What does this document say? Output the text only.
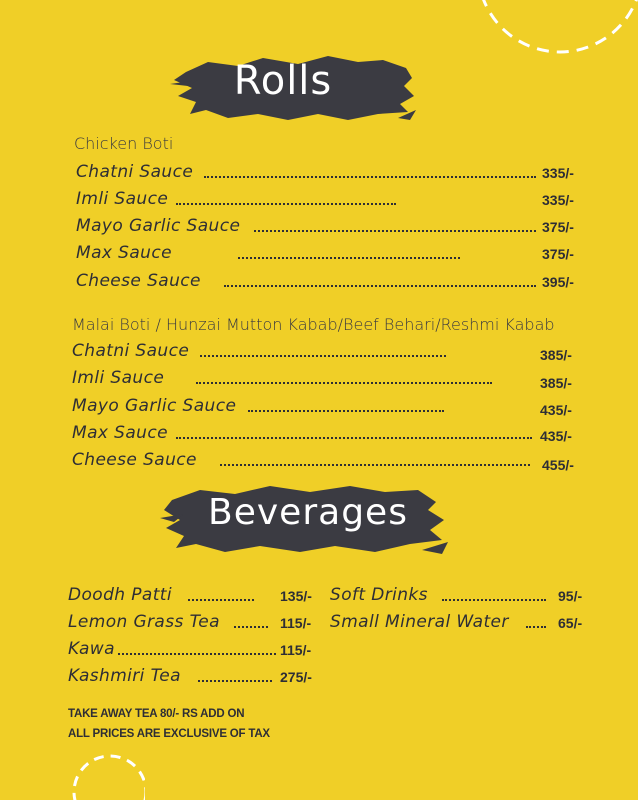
Rolls
Chicken Boti
Chatni Sauce	335/-
Imli Sauce	335/-
Mayo Garlic Sauce	375/-
Max Sauce	375/-
Cheese Sauce	395/-
Malai Boti / Hunzai Mutton Kabab/Beef Behari/Reshmi Kabab
Chatni Sauce	385/-
Imli Sauce	385/-
Mayo Garlic Sauce	435/-
Max Sauce	435/-
Cheese Sauce	455/-
Beverages
Doodh Patti	135/-
Lemon Grass Tea	115/-
Kawa	115/-
Kashmiri Tea	275/-
Soft Drinks	95/-
Small Mineral Water	65/-
TAKE AWAY TEA 80/- RS ADD ON
ALL PRICES ARE EXCLUSIVE OF TAX
